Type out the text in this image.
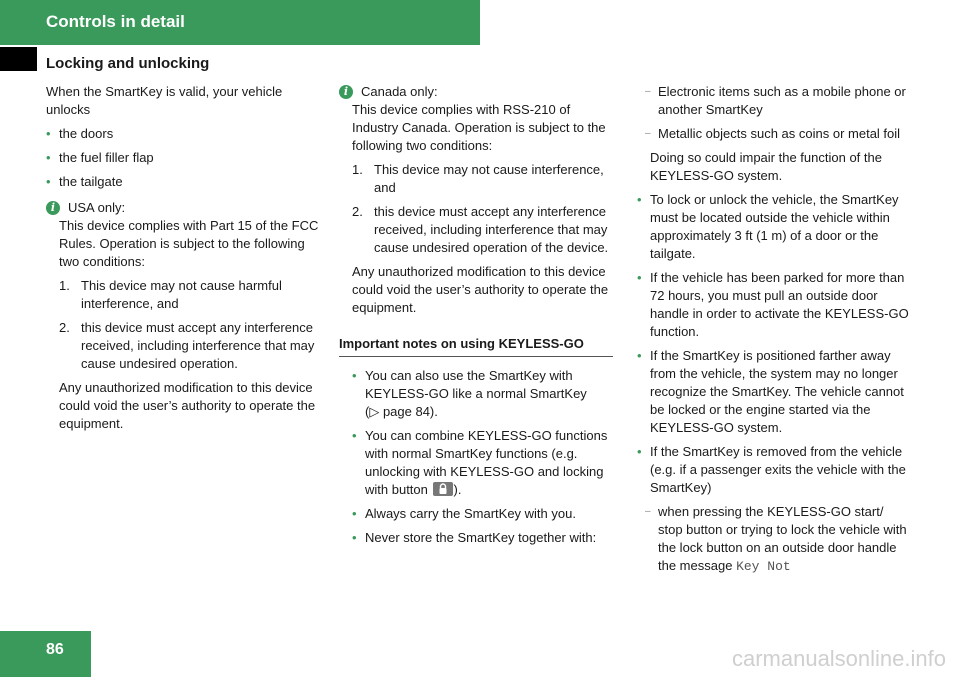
Controls in detail
Locking and unlocking

When the SmartKey is valid, your vehicle unlocks

• the doors
• the fuel filler flap
• the tailgate
i USA only:

This device complies with Part 15 of the FCC Rules. Operation is subject to the following two conditions:

1. This device may not cause harmful interference, and
2. this device must accept any interference received, including interference that may cause undesired operation.

Any unauthorized modification to this device could void the user’s authority to operate the equipment.

i Canada only:

This device complies with RSS-210 of Industry Canada. Operation is subject to the following two conditions:

1. This device may not cause interference, and
2. this device must accept any interference received, including interference that may cause undesired operation of the device.

Any unauthorized modification to this device could void the user’s authority to operate the equipment.

Important notes on using KEYLESS-GO
• You can also use the SmartKey with KEYLESS-GO like a normal SmartKey
(▷ page 84).
• You can combine KEYLESS-GO functions with normal SmartKey functions (e.g. unlocking with KEYLESS-GO and locking with button ).
• Always carry the SmartKey with you.
• Never store the SmartKey together with:
– Electronic items such as a mobile phone or another SmartKey
– Metallic objects such as coins or metal foil

Doing so could impair the function of the KEYLESS-GO system.

• To lock or unlock the vehicle, the SmartKey must be located outside the vehicle within approximately 3 ft (1 m) of a door or the tailgate.
• If the vehicle has been parked for more than 72 hours, you must pull an outside door handle in order to activate the KEYLESS-GO function.
• If the SmartKey is positioned farther away from the vehicle, the system may no longer recognize the SmartKey. The vehicle cannot be locked or the engine started via the KEYLESS-GO system.
• If the SmartKey is removed from the vehicle (e.g. if a passenger exits the vehicle with the SmartKey)
– when pressing the KEYLESS-GO start/ stop button or trying to lock the vehicle with the lock button on an outside door handle the message Key Not
86	carmanualsonline.info
